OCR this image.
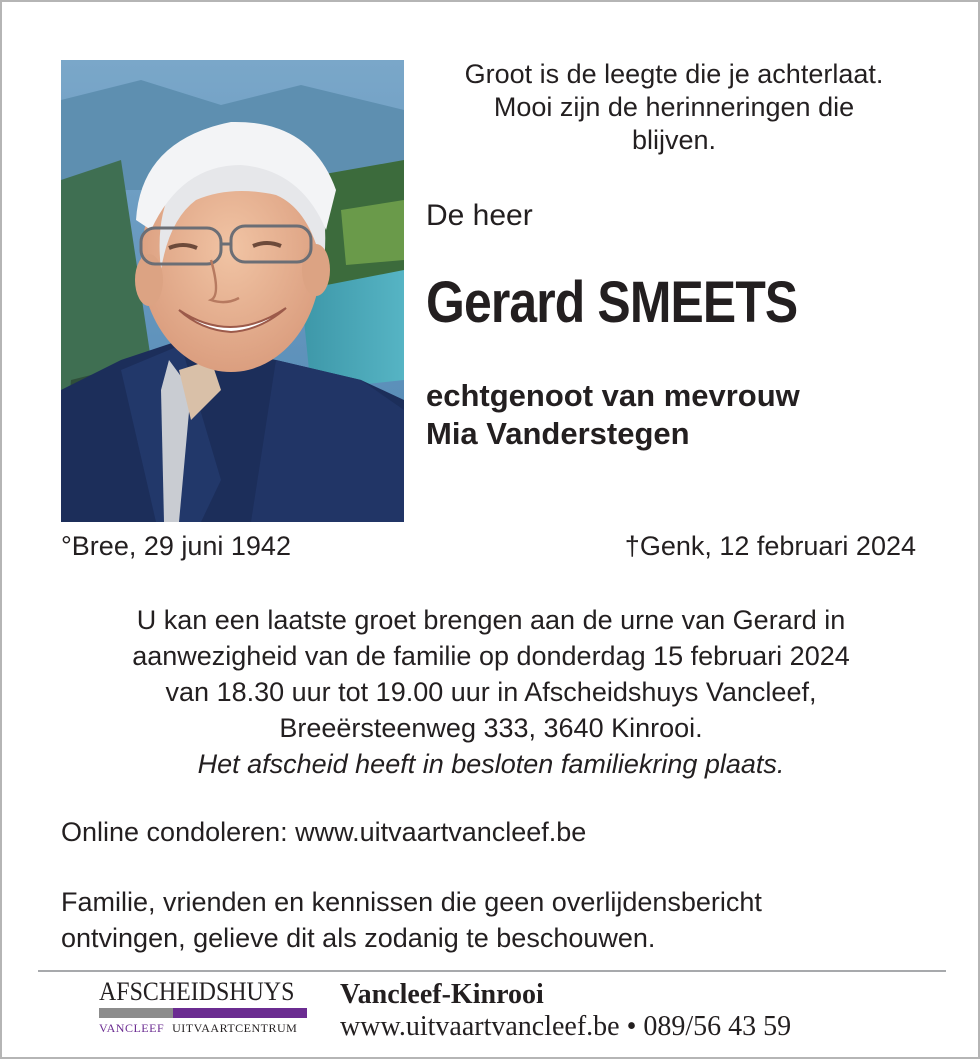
Groot is de leegte die je achterlaat.
Mooi zijn de herinneringen die
blijven.
De heer
Gerard SMEETS
echtgenoot van mevrouw
Mia Vanderstegen
°Bree, 29 juni 1942	†Genk, 12 februari 2024
U kan een laatste groet brengen aan de urne van Gerard in
aanwezigheid van de familie op donderdag 15 februari 2024
van 18.30 uur tot 19.00 uur in Afscheidshuys Vancleef,
Breeërsteenweg 333, 3640 Kinrooi.
Het afscheid heeft in besloten familiekring plaats.
Online condoleren: www.uitvaartvancleef.be
Familie, vrienden en kennissen die geen overlijdensbericht
ontvingen, gelieve dit als zodanig te beschouwen.
AFSCHEIDSHUYS
VANCLEEF UITVAARTCENTRUM
Vancleef-Kinrooi
www.uitvaartvancleef.be • 089/56 43 59
